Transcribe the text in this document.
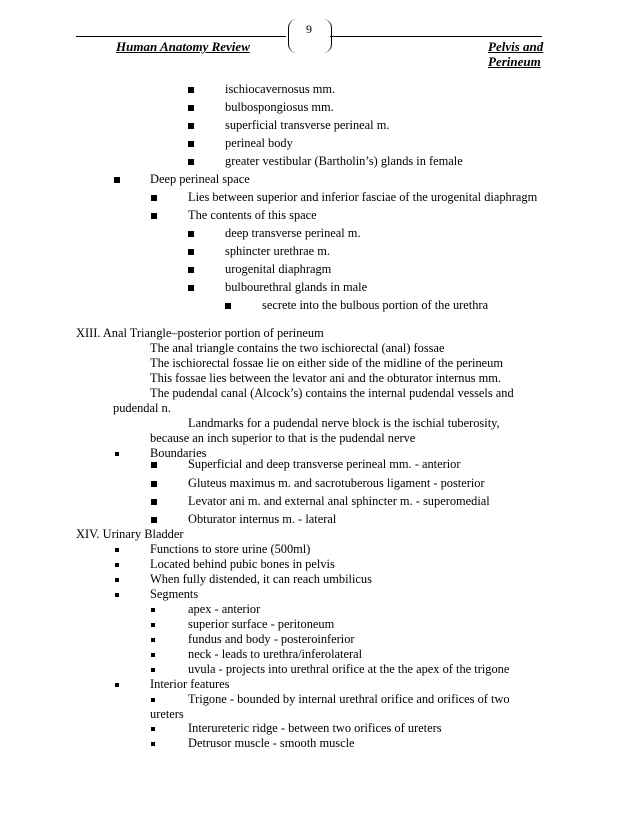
9
Human Anatomy Review	Pelvis and
Perineum
ischiocavernosus mm.
bulbospongiosus mm.
superficial transverse perineal m.
perineal body
greater vestibular (Bartholin’s) glands in female
Deep perineal space
Lies between superior and inferior fasciae of the urogenital diaphragm
The contents of this space
deep transverse perineal m.
sphincter urethrae m.
urogenital diaphragm
bulbourethral glands in male
secrete into the bulbous portion of the urethra
XIII. Anal Triangle–posterior portion of perineum
The anal triangle contains the two ischiorectal (anal) fossae
The ischiorectal fossae lie on either side of the midline of the perineum
This fossae lies between the levator ani and the obturator internus mm.
The pudendal canal (Alcock’s) contains the internal pudendal vessels and
pudendal n.
Landmarks for a pudendal nerve block is the ischial tuberosity,
because an inch superior to that is the pudendal nerve
Boundaries
Superficial and deep transverse perineal mm. - anterior
Gluteus maximus m. and sacrotuberous ligament - posterior
Levator ani m. and external anal sphincter m. - superomedial
Obturator internus m. - lateral
XIV. Urinary Bladder
Functions to store urine (500ml)
Located behind pubic bones in pelvis
When fully distended, it can reach umbilicus
Segments
apex - anterior
superior surface - peritoneum
fundus and body - posteroinferior
neck - leads to urethra/inferolateral
uvula - projects into urethral orifice at the the apex of the trigone
Interior features
Trigone - bounded by internal urethral orifice and orifices of two
ureters
Interureteric ridge - between two orifices of ureters
Detrusor muscle - smooth muscle
